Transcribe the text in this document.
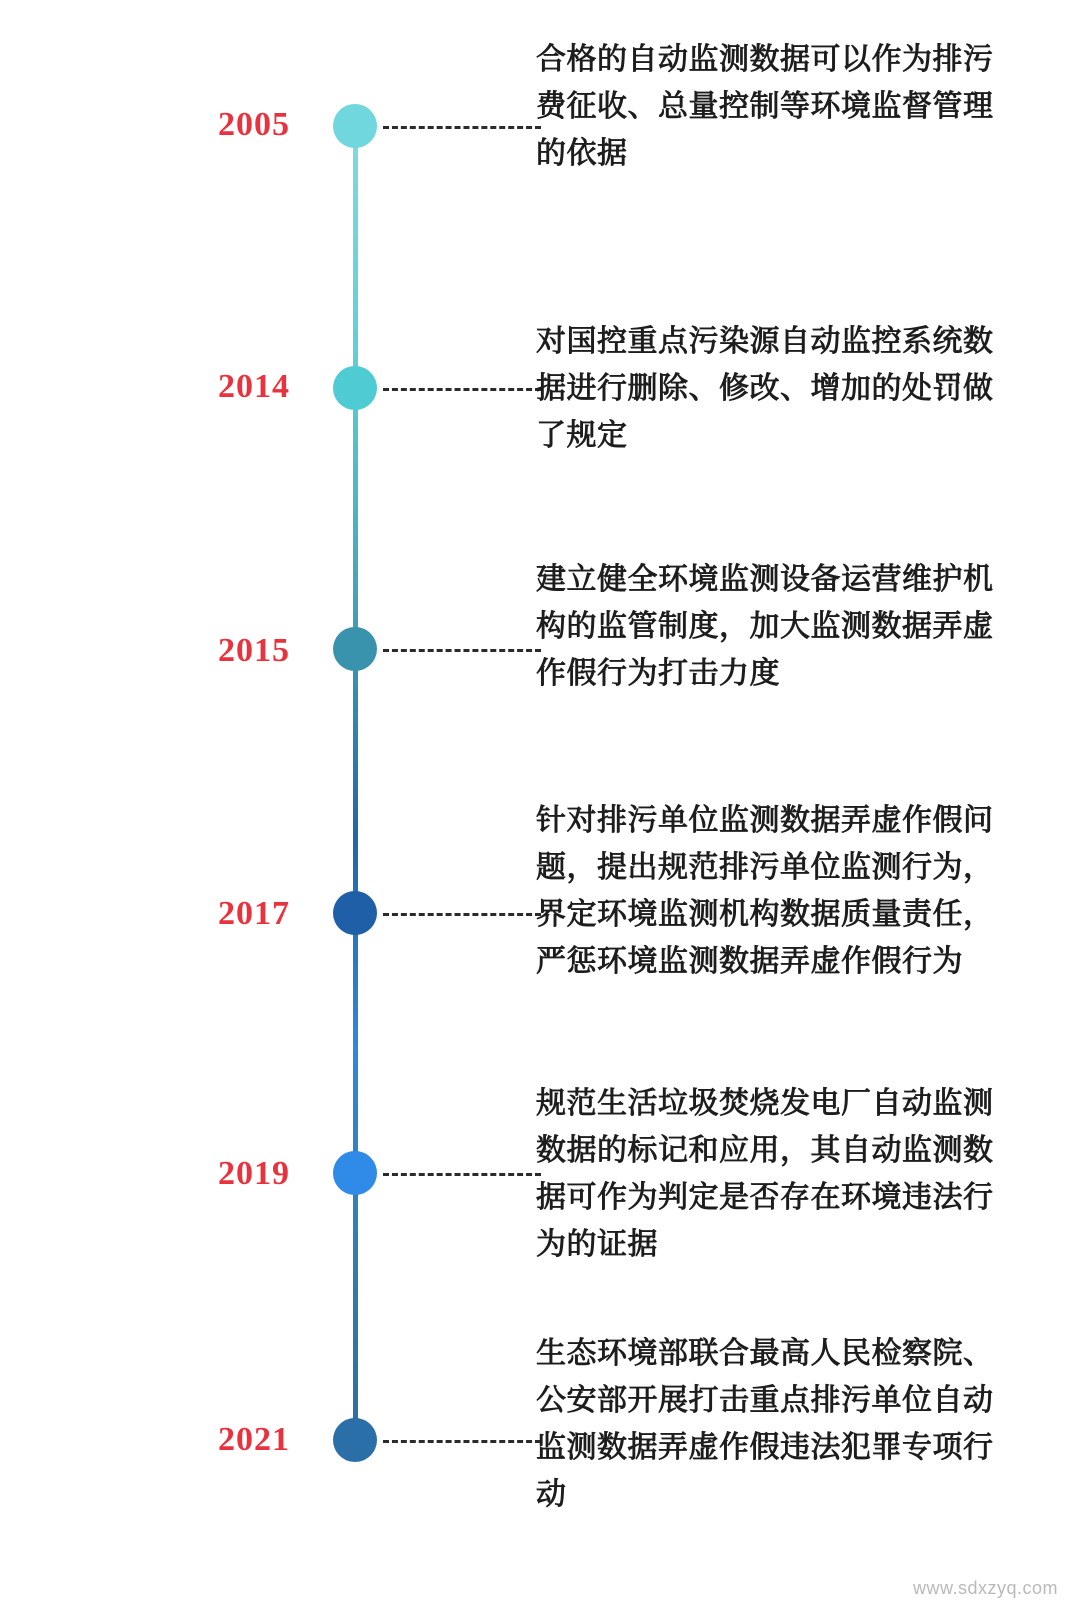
2005
合格的自动监测数据可以作为排污费征收、总量控制等环境监督管理的依据
2014
对国控重点污染源自动监控系统数据进行删除、修改、增加的处罚做了规定
2015
建立健全环境监测设备运营维护机构的监管制度，加大监测数据弄虚作假行为打击力度
2017
针对排污单位监测数据弄虚作假问题，提出规范排污单位监测行为，界定环境监测机构数据质量责任，严惩环境监测数据弄虚作假行为
2019
规范生活垃圾焚烧发电厂自动监测数据的标记和应用，其自动监测数据可作为判定是否存在环境违法行为的证据
2021
生态环境部联合最高人民检察院、公安部开展打击重点排污单位自动监测数据弄虚作假违法犯罪专项行动
www.sdxzyq.com
